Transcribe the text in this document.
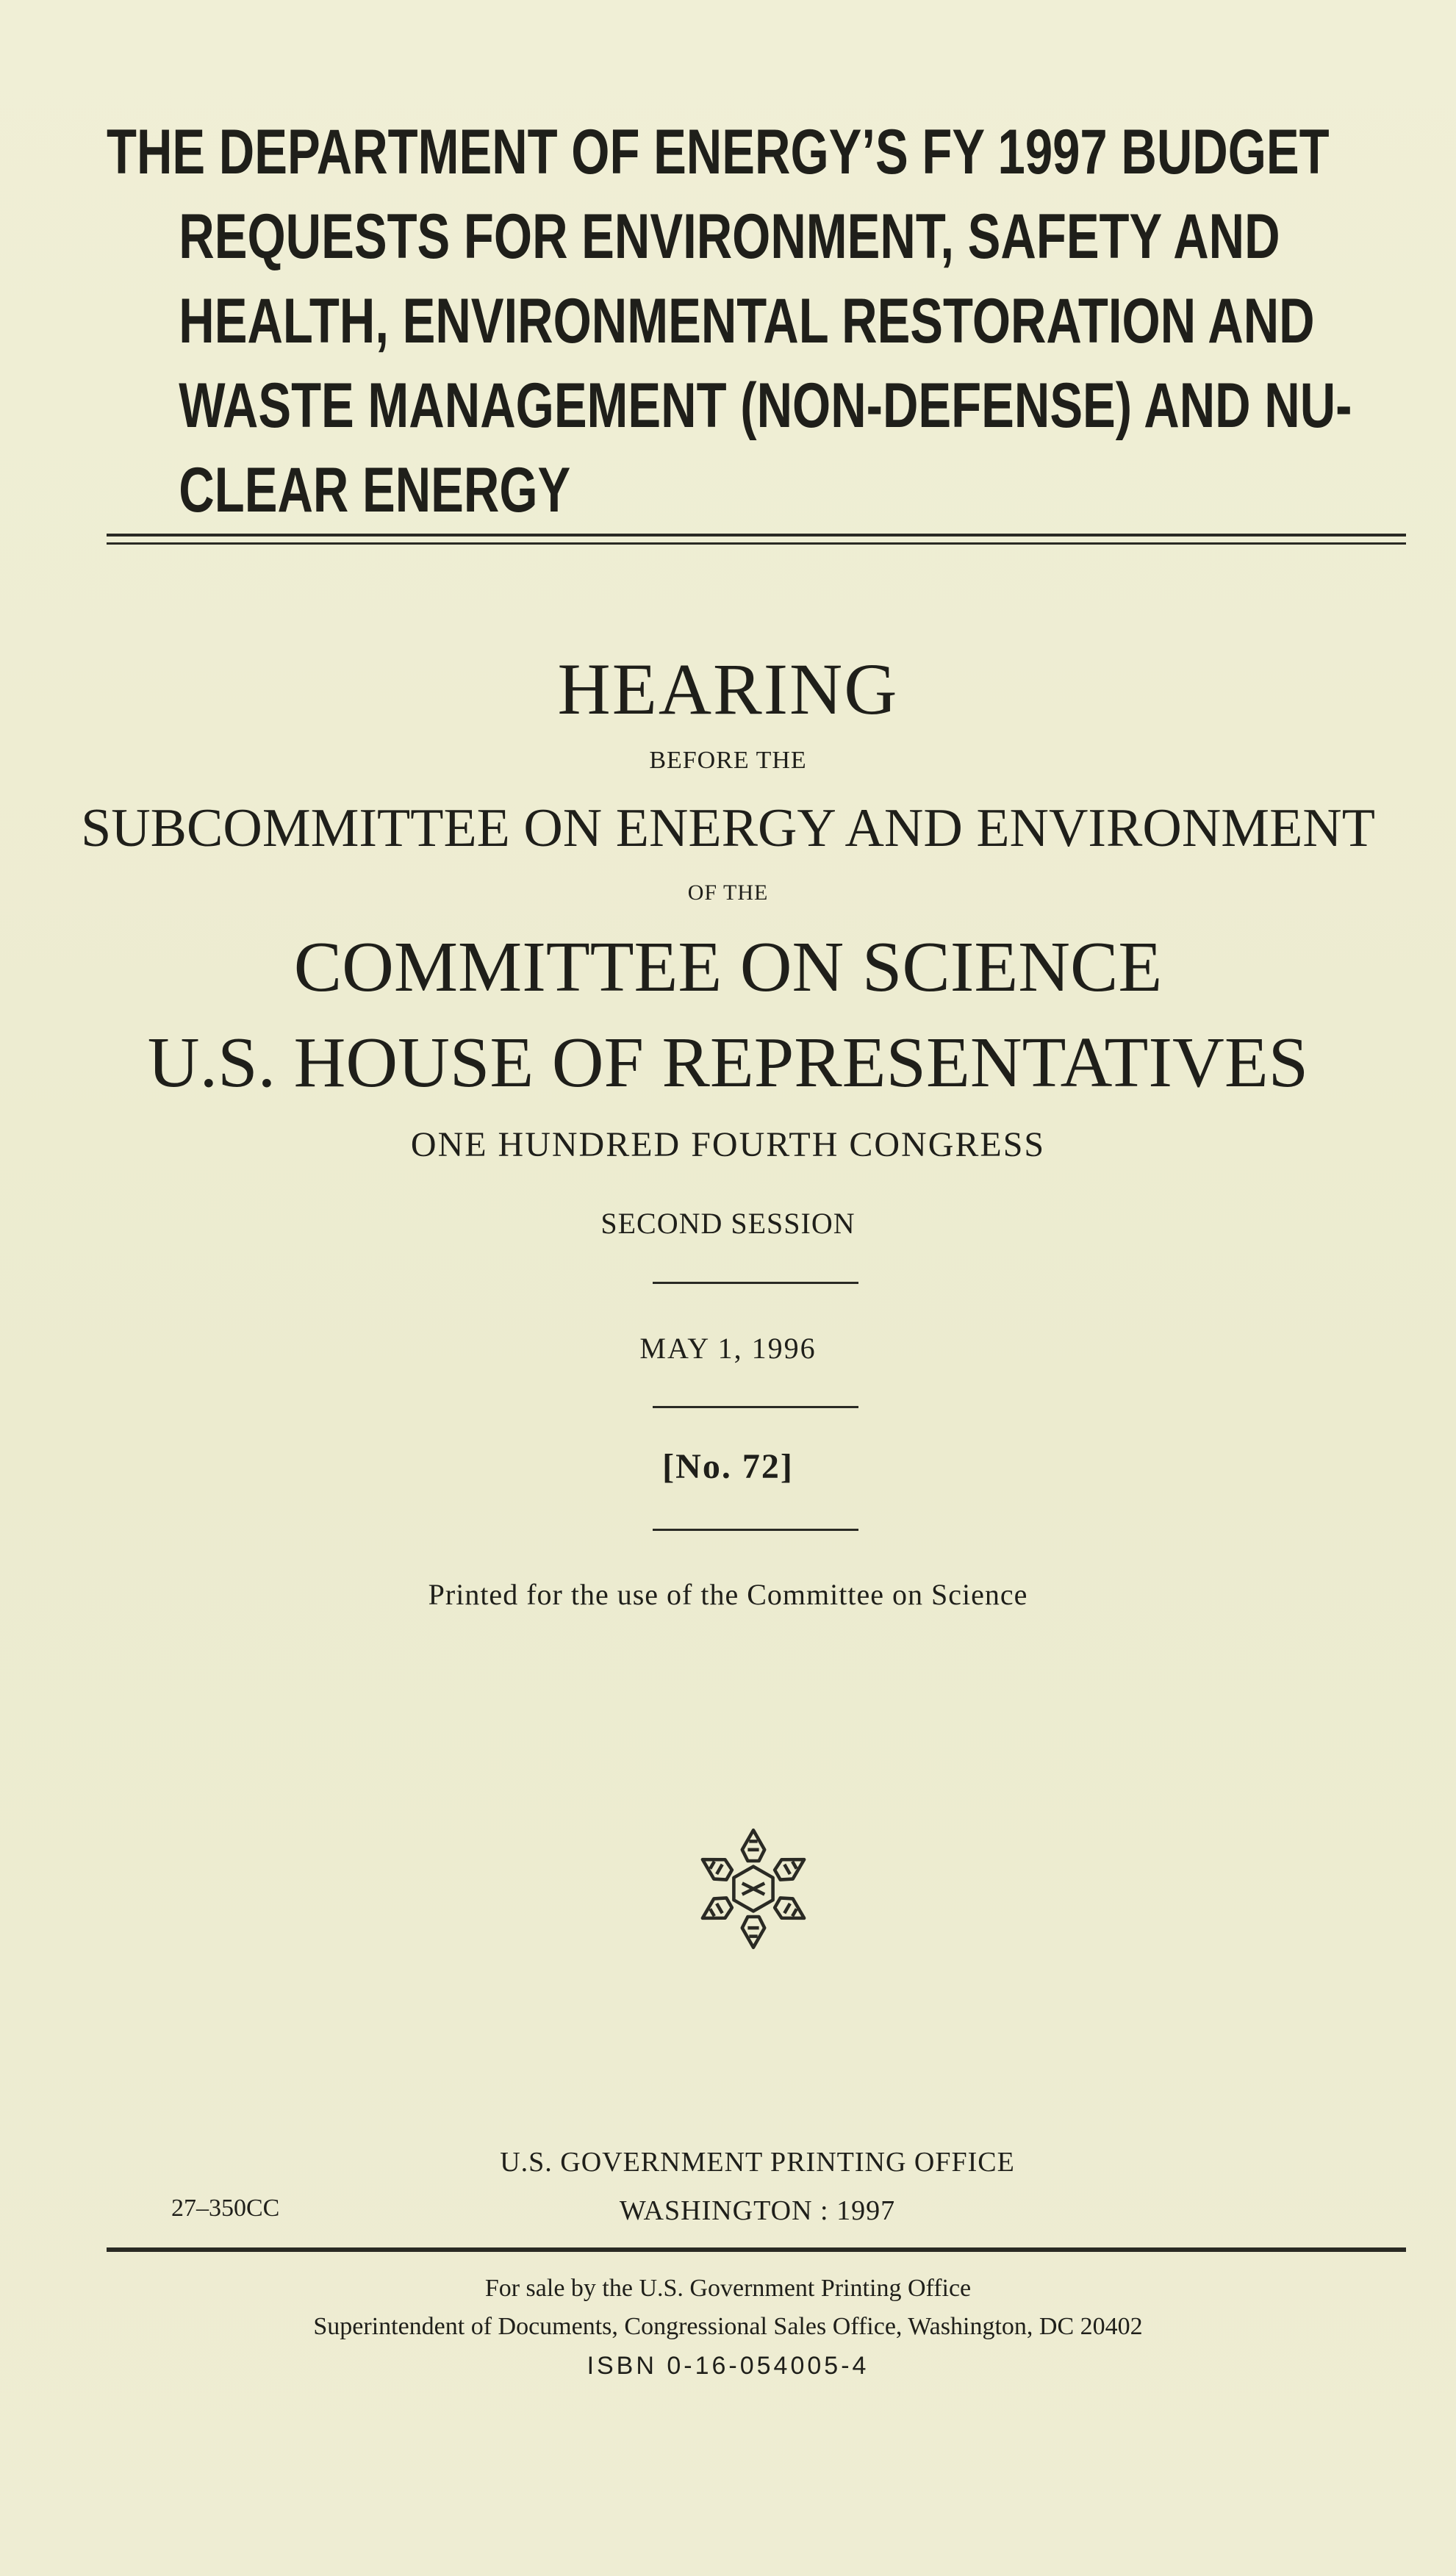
THE DEPARTMENT OF ENERGY’S FY 1997 BUDGET
REQUESTS FOR ENVIRONMENT, SAFETY AND
HEALTH, ENVIRONMENTAL RESTORATION AND
WASTE MANAGEMENT (NON-DEFENSE) AND NU-
CLEAR ENERGY
HEARING
BEFORE THE
SUBCOMMITTEE ON ENERGY AND ENVIRONMENT
OF THE
COMMITTEE ON SCIENCE
U.S. HOUSE OF REPRESENTATIVES
ONE HUNDRED FOURTH CONGRESS
SECOND SESSION
MAY 1, 1996
[No. 72]
Printed for the use of the Committee on Science
U.S. GOVERNMENT PRINTING OFFICE
27–350CC	WASHINGTON : 1997
For sale by the U.S. Government Printing Office
Superintendent of Documents, Congressional Sales Office, Washington, DC 20402
ISBN 0-16-054005-4
